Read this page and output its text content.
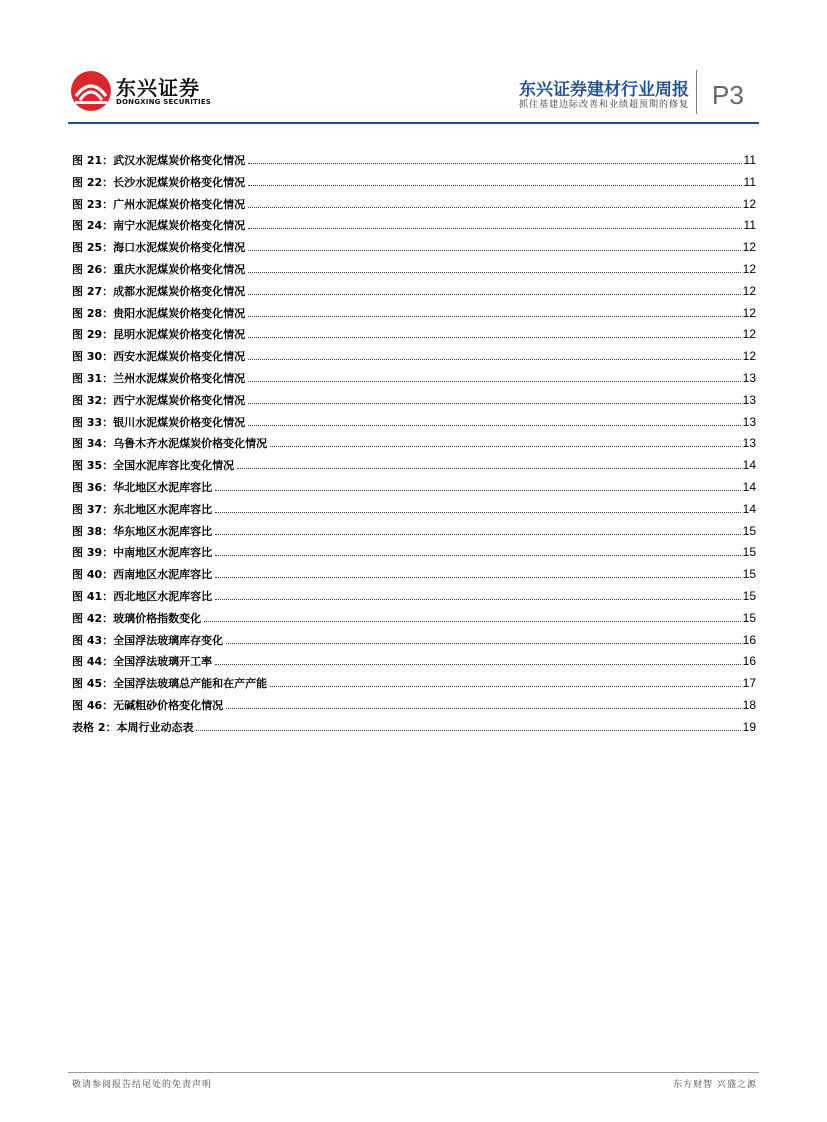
东兴证券
DONGXING SECURITIES
东兴证券建材行业周报
抓住基建边际改善和业绩超预期的修复 P3
图 21：武汉水泥煤炭价格变化情况	11
图 22：长沙水泥煤炭价格变化情况	11
图 23：广州水泥煤炭价格变化情况	12
图 24：南宁水泥煤炭价格变化情况	11
图 25：海口水泥煤炭价格变化情况	12
图 26：重庆水泥煤炭价格变化情况	12
图 27：成都水泥煤炭价格变化情况	12
图 28：贵阳水泥煤炭价格变化情况	12
图 29：昆明水泥煤炭价格变化情况	12
图 30：西安水泥煤炭价格变化情况	12
图 31：兰州水泥煤炭价格变化情况	13
图 32：西宁水泥煤炭价格变化情况	13
图 33：银川水泥煤炭价格变化情况	13
图 34：乌鲁木齐水泥煤炭价格变化情况	13
图 35：全国水泥库容比变化情况	14
图 36：华北地区水泥库容比	14
图 37：东北地区水泥库容比	14
图 38：华东地区水泥库容比	15
图 39：中南地区水泥库容比	15
图 40：西南地区水泥库容比	15
图 41：西北地区水泥库容比	15
图 42：玻璃价格指数变化	15
图 43：全国浮法玻璃库存变化	16
图 44：全国浮法玻璃开工率	16
图 45：全国浮法玻璃总产能和在产产能	17
图 46：无碱粗砂价格变化情况	18
表格 2：本周行业动态表	19
敬请参阅报告结尾处的免责声明	东方财智 兴盛之源
